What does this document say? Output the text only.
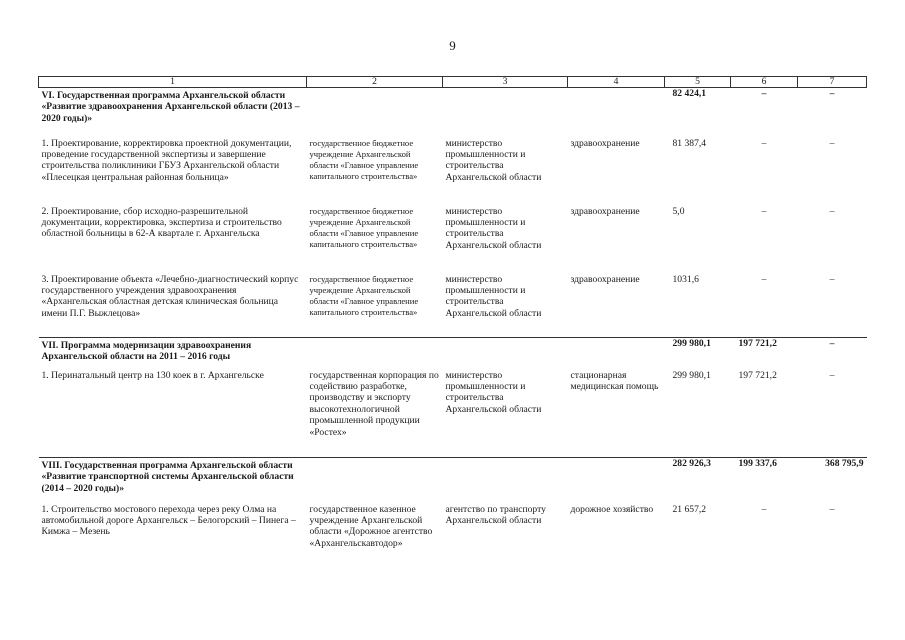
9
1	2	3	4	5	6	7
VI. Государственная программа Архангельской области «Развитие здравоохранения Архангельской области (2013 – 2020 годы)»				82 424,1	–	–
1. Проектирование, корректировка проектной документации, проведение государственной экспертизы и завершение строительства поликлиники ГБУЗ Архангельской области «Плесецкая центральная районная больница»	государственное бюджетное учреждение Архангельской области «Главное управление капитального строительства»	министерство промышленности и строительства Архангельской области	здравоохранение	81 387,4	–	–
2. Проектирование, сбор исходно-разрешительной документации, корректировка, экспертиза и строительство областной больницы в 62-А квартале г. Архангельска	государственное бюджетное учреждение Архангельской области «Главное управление капитального строительства»	министерство промышленности и строительства Архангельской области	здравоохранение	5,0	–	–
3. Проектирование объекта «Лечебно-диагностический корпус государственного учреждения здравоохранения «Архангельская областная детская клиническая больница имени П.Г. Выжлецова»	государственное бюджетное учреждение Архангельской области «Главное управление капитального строительства»	министерство промышленности и строительства Архангельской области	здравоохранение	1031,6	–	–
VII. Программа модернизации здравоохранения Архангельской области на 2011 – 2016 годы				299 980,1	197 721,2	–
1. Перинатальный центр на 130 коек в г. Архангельске	государственная корпорация по содействию разработке, производству и экспорту высокотехнологичной промышленной продукции «Ростех»	министерство промышленности и строительства Архангельской области	стационарная медицинская помощь	299 980,1	197 721,2	–
VIII. Государственная программа Архангельской области «Развитие транспортной системы Архангельской области (2014 – 2020 годы)»				282 926,3	199 337,6	368 795,9
1. Строительство мостового перехода через реку Олма на автомобильной дороге Архангельск – Белогорский – Пинега – Кимжа – Мезень	государственное казенное учреждение Архангельской области «Дорожное агентство «Архангельскавтодор»	агентство по транспорту Архангельской области	дорожное хозяйство	21 657,2	–	–
